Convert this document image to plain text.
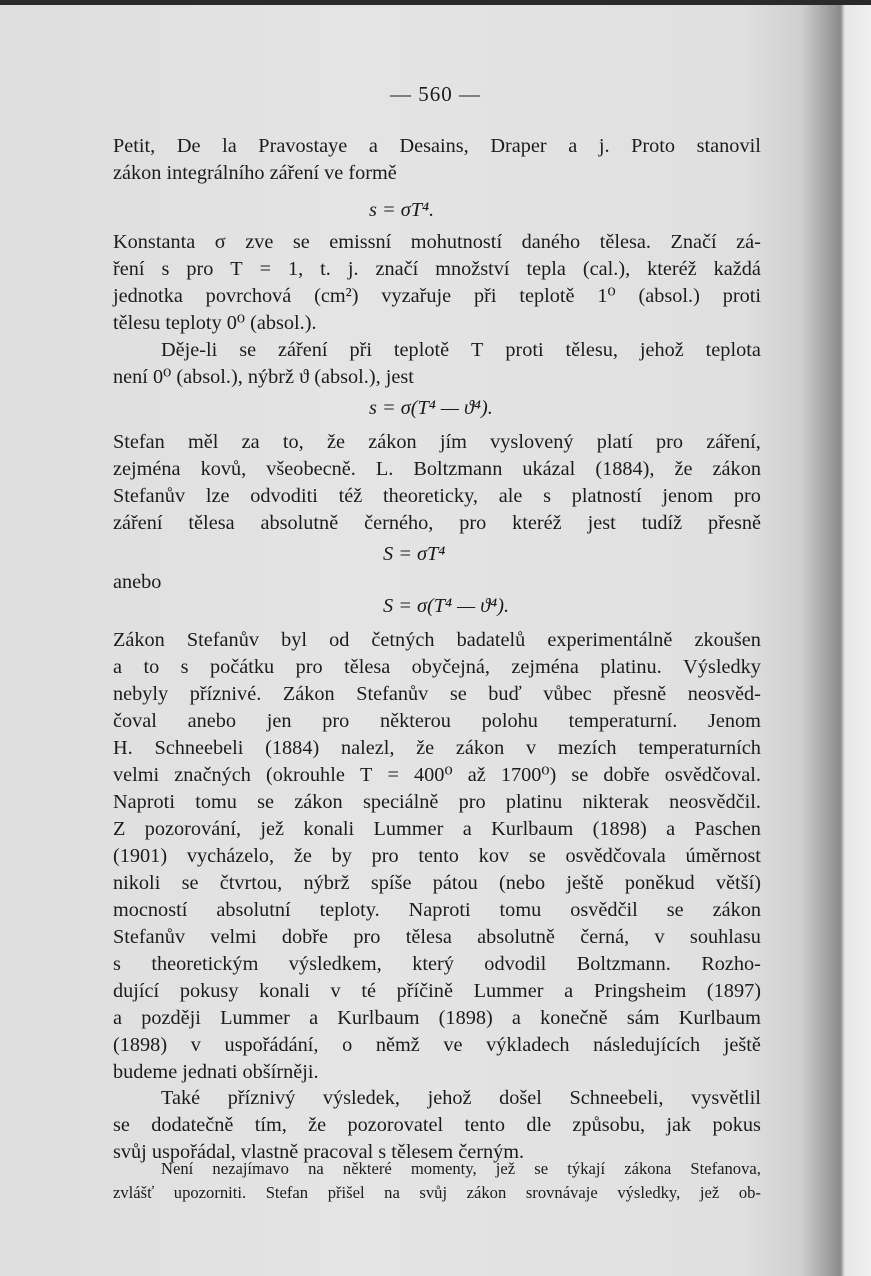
— 560 —
Petit, De la Pravostaye a Desains, Draper a j. Proto stanovil
zákon integrálního záření ve formě
s = σT⁴.
Konstanta σ zve se emissní mohutností daného tělesa. Značí zá-
ření s pro T = 1, t. j. značí množství tepla (cal.), kteréž každá
jednotka povrchová (cm²) vyzařuje při teplotě 1⁰ (absol.) proti
tělesu teploty 0⁰ (absol.).
Děje-li se záření při teplotě T proti tělesu, jehož teplota
není 0⁰ (absol.), nýbrž ϑ (absol.), jest
s = σ(T⁴ — ϑ⁴).
Stefan měl za to, že zákon jím vyslovený platí pro záření,
zejména kovů, všeobecně. L. Boltzmann ukázal (1884), že zákon
Stefanův lze odvoditi též theoreticky, ale s platností jenom pro
záření tělesa absolutně černého, pro kteréž jest tudíž přesně
S = σT⁴
anebo
S = σ(T⁴ — ϑ⁴).
Zákon Stefanův byl od četných badatelů experimentálně zkoušen
a to s počátku pro tělesa obyčejná, zejména platinu. Výsledky
nebyly příznivé. Zákon Stefanův se buď vůbec přesně neosvěd-
čoval anebo jen pro některou polohu temperaturní. Jenom
H. Schneebeli (1884) nalezl, že zákon v mezích temperaturních
velmi značných (okrouhle T = 400⁰ až 1700⁰) se dobře osvědčoval.
Naproti tomu se zákon speciálně pro platinu nikterak neosvědčil.
Z pozorování, jež konali Lummer a Kurlbaum (1898) a Paschen
(1901) vycházelo, že by pro tento kov se osvědčovala úměrnost
nikoli se čtvrtou, nýbrž spíše pátou (nebo ještě poněkud větší)
mocností absolutní teploty. Naproti tomu osvědčil se zákon
Stefanův velmi dobře pro tělesa absolutně černá, v souhlasu
s theoretickým výsledkem, který odvodil Boltzmann. Rozho-
dující pokusy konali v té příčině Lummer a Pringsheim (1897)
a později Lummer a Kurlbaum (1898) a konečně sám Kurlbaum
(1898) v uspořádání, o němž ve výkladech následujících ještě
budeme jednati obšírněji.
Také příznivý výsledek, jehož došel Schneebeli, vysvětlil
se dodatečně tím, že pozorovatel tento dle způsobu, jak pokus
svůj uspořádal, vlastně pracoval s tělesem černým.
Není nezajímavo na některé momenty, jež se týkají zákona Stefanova,
zvlášť upozorniti. Stefan přišel na svůj zákon srovnávaje výsledky, jež ob-
